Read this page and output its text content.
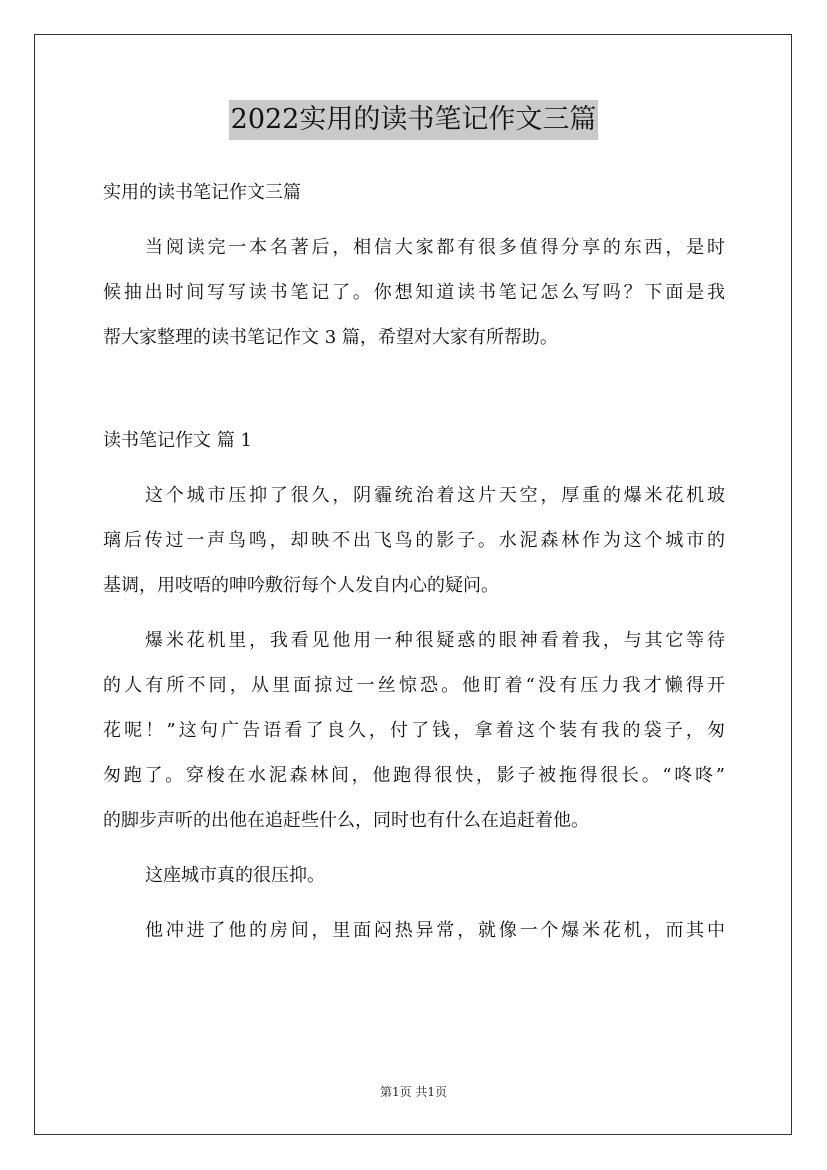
2022实用的读书笔记作文三篇
实用的读书笔记作文三篇
当阅读完一本名著后，相信大家都有很多值得分享的东西，是时
候抽出时间写写读书笔记了。你想知道读书笔记怎么写吗？下面是我
帮大家整理的读书笔记作文 3 篇，希望对大家有所帮助。
读书笔记作文 篇 1
这个城市压抑了很久，阴霾统治着这片天空，厚重的爆米花机玻
璃后传过一声鸟鸣，却映不出飞鸟的影子。水泥森林作为这个城市的
基调，用吱唔的呻吟敷衍每个人发自内心的疑问。
爆米花机里，我看见他用一种很疑惑的眼神看着我，与其它等待
的人有所不同，从里面掠过一丝惊恐。他盯着“没有压力我才懒得开
花呢！”这句广告语看了良久，付了钱，拿着这个装有我的袋子，匆
匆跑了。穿梭在水泥森林间，他跑得很快，影子被拖得很长。“咚咚”
的脚步声听的出他在追赶些什么，同时也有什么在追赶着他。
这座城市真的很压抑。
他冲进了他的房间，里面闷热异常，就像一个爆米花机，而其中
第1页 共1页
